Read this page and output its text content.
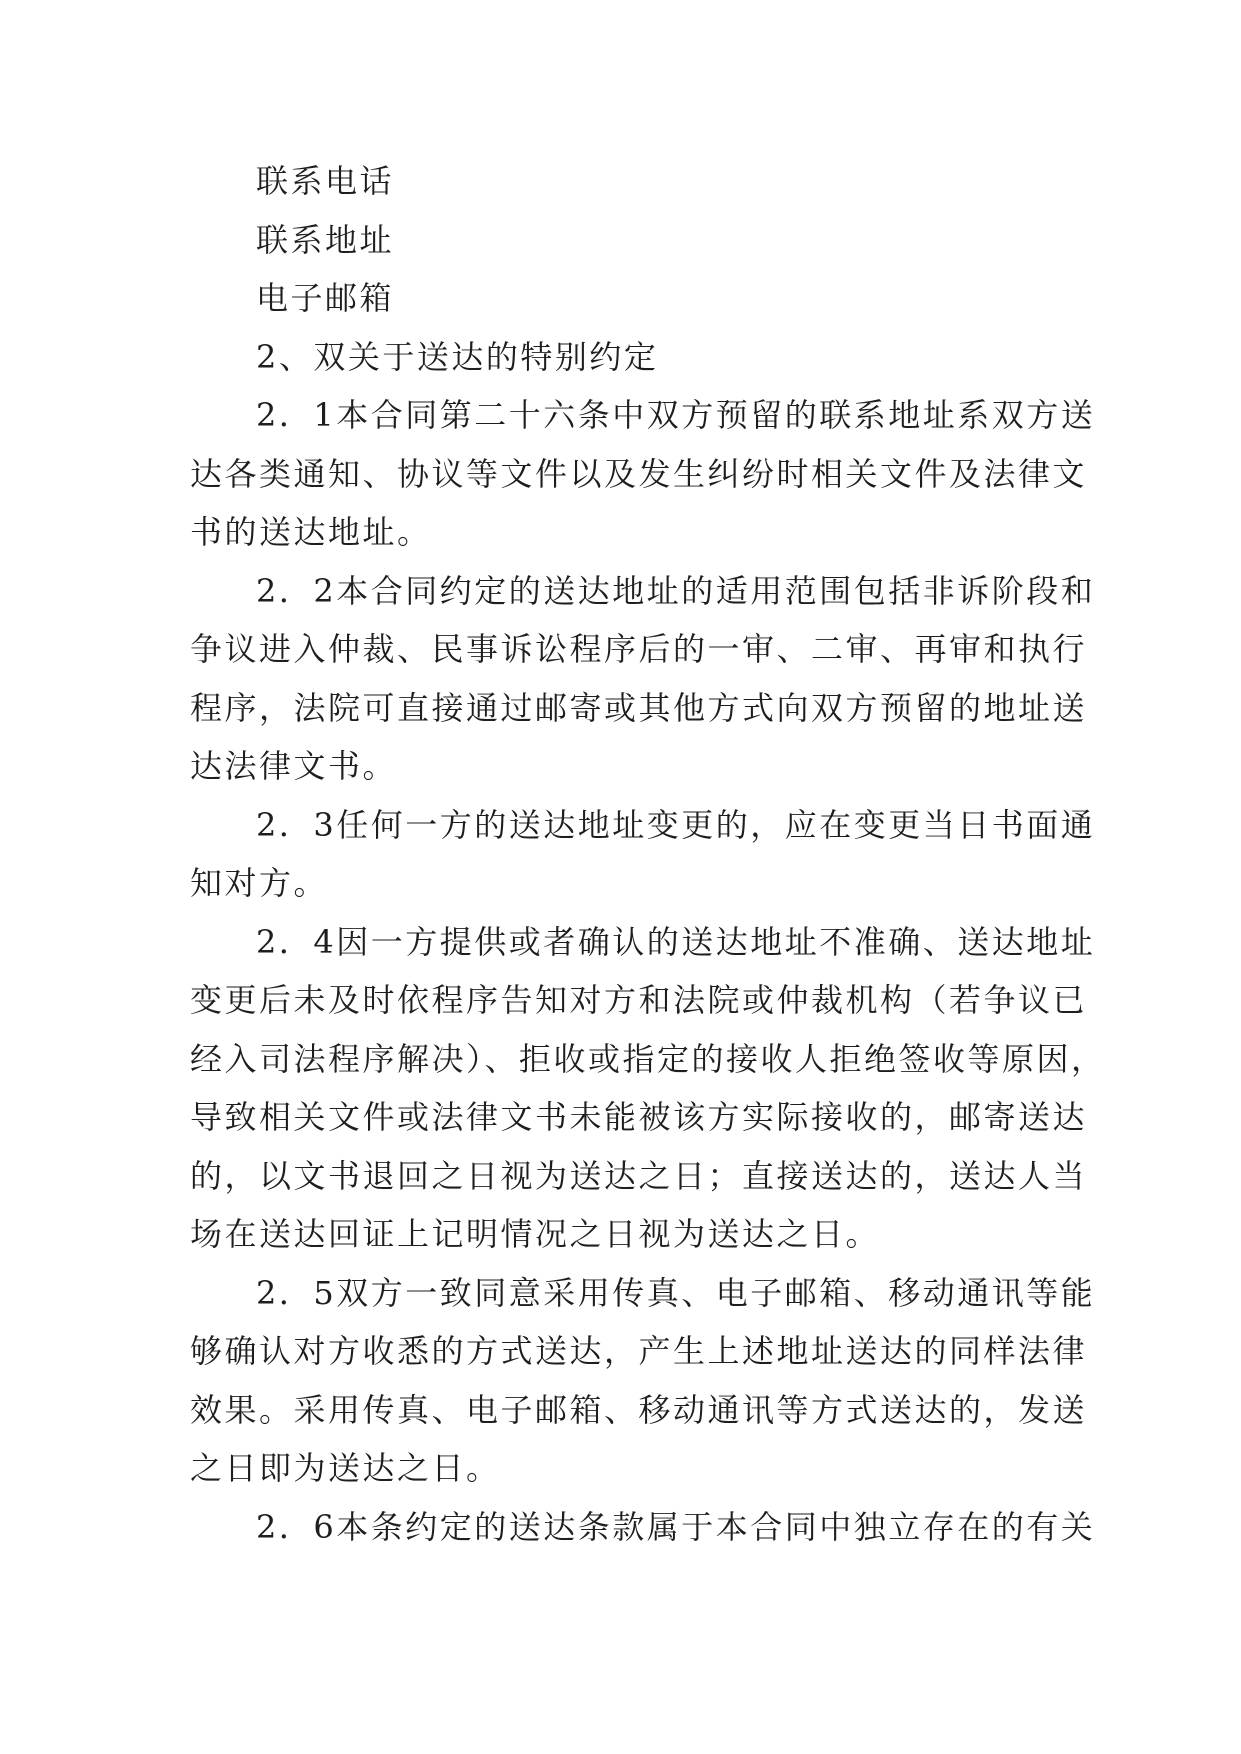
联系电话

联系地址

电子邮箱

2、双关于送达的特别约定

2．1本合同第二十六条中双方预留的联系地址系双方送

达各类通知、协议等文件以及发生纠纷时相关文件及法律文

书的送达地址。

2．2本合同约定的送达地址的适用范围包括非诉阶段和

争议进入仲裁、民事诉讼程序后的一审、二审、再审和执行

程序，法院可直接通过邮寄或其他方式向双方预留的地址送

达法律文书。

2．3任何一方的送达地址变更的，应在变更当日书面通

知对方。

2．4因一方提供或者确认的送达地址不准确、送达地址

变更后未及时依程序告知对方和法院或仲裁机构（若争议已

经入司法程序解决）、拒收或指定的接收人拒绝签收等原因，

导致相关文件或法律文书未能被该方实际接收的，邮寄送达

的，以文书退回之日视为送达之日；直接送达的，送达人当

场在送达回证上记明情况之日视为送达之日。

2．5双方一致同意采用传真、电子邮箱、移动通讯等能

够确认对方收悉的方式送达，产生上述地址送达的同样法律

效果。采用传真、电子邮箱、移动通讯等方式送达的，发送

之日即为送达之日。

2．6本条约定的送达条款属于本合同中独立存在的有关
